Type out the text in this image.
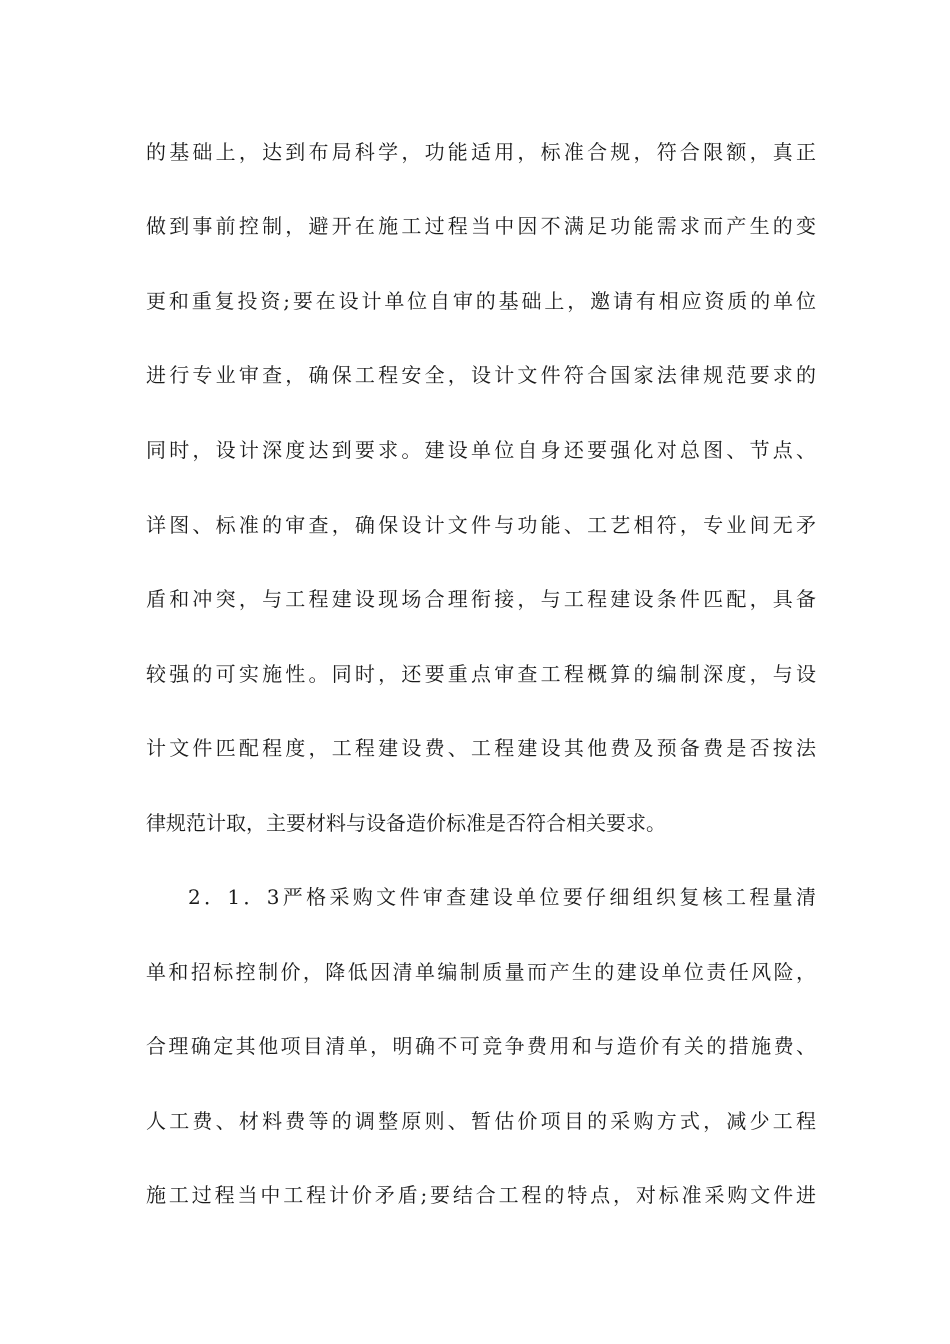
的基础上，达到布局科学，功能适用，标准合规，符合限额，真正
做到事前控制，避开在施工过程当中因不满足功能需求而产生的变
更和重复投资;要在设计单位自审的基础上，邀请有相应资质的单位
进行专业审查，确保工程安全，设计文件符合国家法律规范要求的
同时，设计深度达到要求。建设单位自身还要强化对总图、节点、
详图、标准的审查，确保设计文件与功能、工艺相符，专业间无矛
盾和冲突，与工程建设现场合理衔接，与工程建设条件匹配，具备
较强的可实施性。同时，还要重点审查工程概算的编制深度，与设
计文件匹配程度，工程建设费、工程建设其他费及预备费是否按法
律规范计取，主要材料与设备造价标准是否符合相关要求。
2．1．3严格采购文件审查建设单位要仔细组织复核工程量清
单和招标控制价，降低因清单编制质量而产生的建设单位责任风险，
合理确定其他项目清单，明确不可竞争费用和与造价有关的措施费、
人工费、材料费等的调整原则、暂估价项目的采购方式，减少工程
施工过程当中工程计价矛盾;要结合工程的特点，对标准采购文件进
